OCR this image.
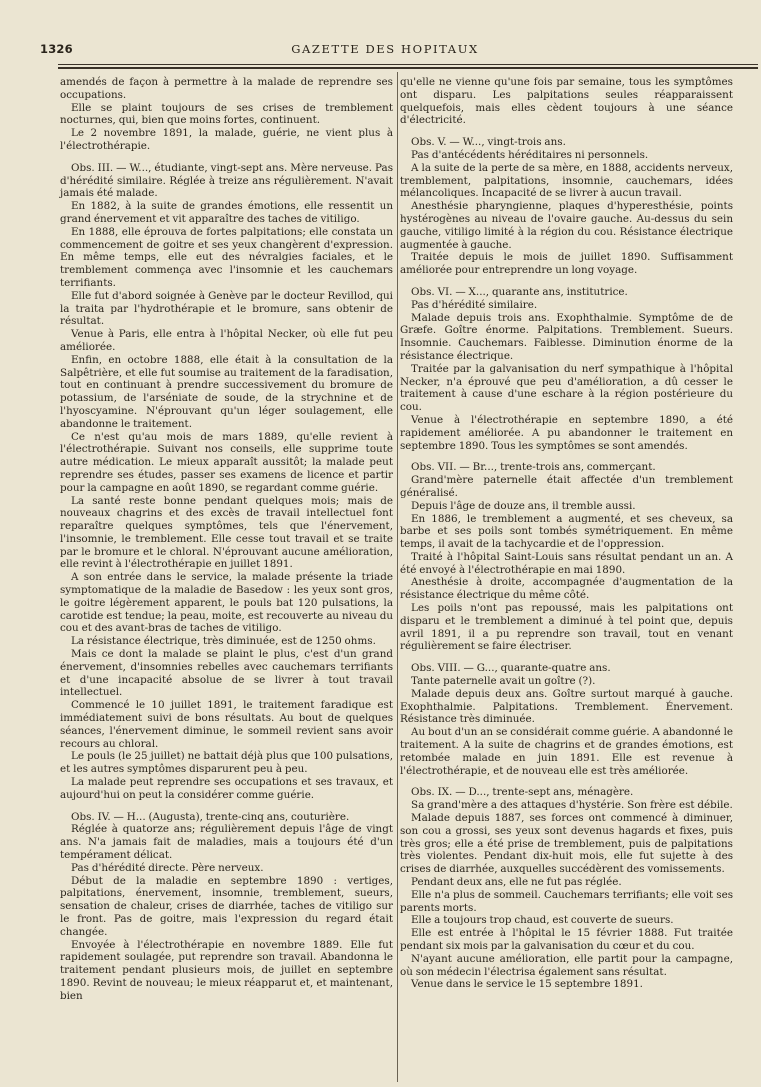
1326	GAZETTE DES HOPITAUX

amendés de façon à permettre à la malade de reprendre ses occupations.

Elle se plaint toujours de ses crises de tremblement nocturnes, qui, bien que moins fortes, continuent.

Le 2 novembre 1891, la malade, guérie, ne vient plus à l'électrothérapie.

Obs. III. — W..., étudiante, vingt-sept ans. Mère nerveuse. Pas d'hérédité similaire. Réglée à treize ans régulièrement. N'avait jamais été malade.

En 1882, à la suite de grandes émotions, elle ressentit un grand énervement et vit apparaître des taches de vitiligo.

En 1888, elle éprouva de fortes palpitations; elle constata un commencement de goitre et ses yeux changèrent d'expression. En même temps, elle eut des névralgies faciales, et le tremblement commença avec l'insomnie et les cauchemars terrifiants.

Elle fut d'abord soignée à Genève par le docteur Revillod, qui la traita par l'hydrothérapie et le bromure, sans obtenir de résultat.

Venue à Paris, elle entra à l'hôpital Necker, où elle fut peu améliorée.

Enfin, en octobre 1888, elle était à la consultation de la Salpêtrière, et elle fut soumise au traitement de la faradisation, tout en continuant à prendre successivement du bromure de potassium, de l'arséniate de soude, de la strychnine et de l'hyoscyamine. N'éprouvant qu'un léger soulagement, elle abandonne le traitement.

Ce n'est qu'au mois de mars 1889, qu'elle revient à l'électrothérapie. Suivant nos conseils, elle supprime toute autre médication. Le mieux apparaît aussitôt; la malade peut reprendre ses études, passer ses examens de licence et partir pour la campagne en août 1890, se regardant comme guérie.

La santé reste bonne pendant quelques mois; mais de nouveaux chagrins et des excès de travail intellectuel font reparaître quelques symptômes, tels que l'énervement, l'insomnie, le tremblement. Elle cesse tout travail et se traite par le bromure et le chloral. N'éprouvant aucune amélioration, elle revint à l'électrothérapie en juillet 1891.

A son entrée dans le service, la malade présente la triade symptomatique de la maladie de Basedow : les yeux sont gros, le goitre légèrement apparent, le pouls bat 120 pulsations, la carotide est tendue; la peau, moite, est recouverte au niveau du cou et des avant-bras de taches de vitiligo.

La résistance électrique, très diminuée, est de 1250 ohms.

Mais ce dont la malade se plaint le plus, c'est d'un grand énervement, d'insomnies rebelles avec cauchemars terrifiants et d'une incapacité absolue de se livrer à tout travail intellectuel.

Commencé le 10 juillet 1891, le traitement faradique est immédiatement suivi de bons résultats. Au bout de quelques séances, l'énervement diminue, le sommeil revient sans avoir recours au chloral.

Le pouls (le 25 juillet) ne battait déjà plus que 100 pulsations, et les autres symptômes disparurent peu à peu.

La malade peut reprendre ses occupations et ses travaux, et aujourd'hui on peut la considérer comme guérie.

Obs. IV. — H... (Augusta), trente-cinq ans, couturière.

Réglée à quatorze ans; régulièrement depuis l'âge de vingt ans. N'a jamais fait de maladies, mais a toujours été d'un tempérament délicat.

Pas d'hérédité directe. Père nerveux.

Début de la maladie en septembre 1890 : vertiges, palpitations, énervement, insomnie, tremblement, sueurs, sensation de chaleur, crises de diarrhée, taches de vitiligo sur le front. Pas de goitre, mais l'expression du regard était changée.

Envoyée à l'électrothérapie en novembre 1889. Elle fut rapidement soulagée, put reprendre son travail. Abandonna le traitement pendant plusieurs mois, de juillet en septembre 1890. Revint de nouveau; le mieux réapparut et, et maintenant, bien

qu'elle ne vienne qu'une fois par semaine, tous les symptômes ont disparu. Les palpitations seules réapparaissent quelquefois, mais elles cèdent toujours à une séance d'électricité.

Obs. V. — W..., vingt-trois ans.

Pas d'antécédents héréditaires ni personnels.

A la suite de la perte de sa mère, en 1888, accidents nerveux, tremblement, palpitations, insomnie, cauchemars, idées mélancoliques. Incapacité de se livrer à aucun travail.

Anesthésie pharyngienne, plaques d'hyperesthésie, points hystérogènes au niveau de l'ovaire gauche. Au-dessus du sein gauche, vitiligo limité à la région du cou. Résistance électrique augmentée à gauche.

Traitée depuis le mois de juillet 1890. Suffisamment améliorée pour entreprendre un long voyage.

Obs. VI. — X..., quarante ans, institutrice.

Pas d'hérédité similaire.

Malade depuis trois ans. Exophthalmie. Symptôme de de Græfe. Goître énorme. Palpitations. Tremblement. Sueurs. Insomnie. Cauchemars. Faiblesse. Diminution énorme de la résistance électrique.

Traitée par la galvanisation du nerf sympathique à l'hôpital Necker, n'a éprouvé que peu d'amélioration, a dû cesser le traitement à cause d'une eschare à la région postérieure du cou.

Venue à l'électrothérapie en septembre 1890, a été rapidement améliorée. A pu abandonner le traitement en septembre 1890. Tous les symptômes se sont amendés.

Obs. VII. — Br..., trente-trois ans, commerçant.

Grand'mère paternelle était affectée d'un tremblement généralisé.

Depuis l'âge de douze ans, il tremble aussi.

En 1886, le tremblement a augmenté, et ses cheveux, sa barbe et ses poils sont tombés symétriquement. En même temps, il avait de la tachycardie et de l'oppression.

Traité à l'hôpital Saint-Louis sans résultat pendant un an. A été envoyé à l'électrothérapie en mai 1890.

Anesthésie à droite, accompagnée d'augmentation de la résistance électrique du même côté.

Les poils n'ont pas repoussé, mais les palpitations ont disparu et le tremblement a diminué à tel point que, depuis avril 1891, il a pu reprendre son travail, tout en venant régulièrement se faire électriser.

Obs. VIII. — G..., quarante-quatre ans.

Tante paternelle avait un goître (?).

Malade depuis deux ans. Goître surtout marqué à gauche. Exophthalmie. Palpitations. Tremblement. Énervement. Résistance très diminuée.

Au bout d'un an se considérait comme guérie. A abandonné le traitement. A la suite de chagrins et de grandes émotions, est retombée malade en juin 1891. Elle est revenue à l'électrothérapie, et de nouveau elle est très améliorée.

Obs. IX. — D..., trente-sept ans, ménagère.

Sa grand'mère a des attaques d'hystérie. Son frère est débile.

Malade depuis 1887, ses forces ont commencé à diminuer, son cou a grossi, ses yeux sont devenus hagards et fixes, puis très gros; elle a été prise de tremblement, puis de palpitations très violentes. Pendant dix-huit mois, elle fut sujette à des crises de diarrhée, auxquelles succédèrent des vomissements.

Pendant deux ans, elle ne fut pas réglée.

Elle n'a plus de sommeil. Cauchemars terrifiants; elle voit ses parents morts.

Elle a toujours trop chaud, est couverte de sueurs.

Elle est entrée à l'hôpital le 15 février 1888. Fut traitée pendant six mois par la galvanisation du cœur et du cou.

N'ayant aucune amélioration, elle partit pour la campagne, où son médecin l'électrisa également sans résultat.

Venue dans le service le 15 septembre 1891.
